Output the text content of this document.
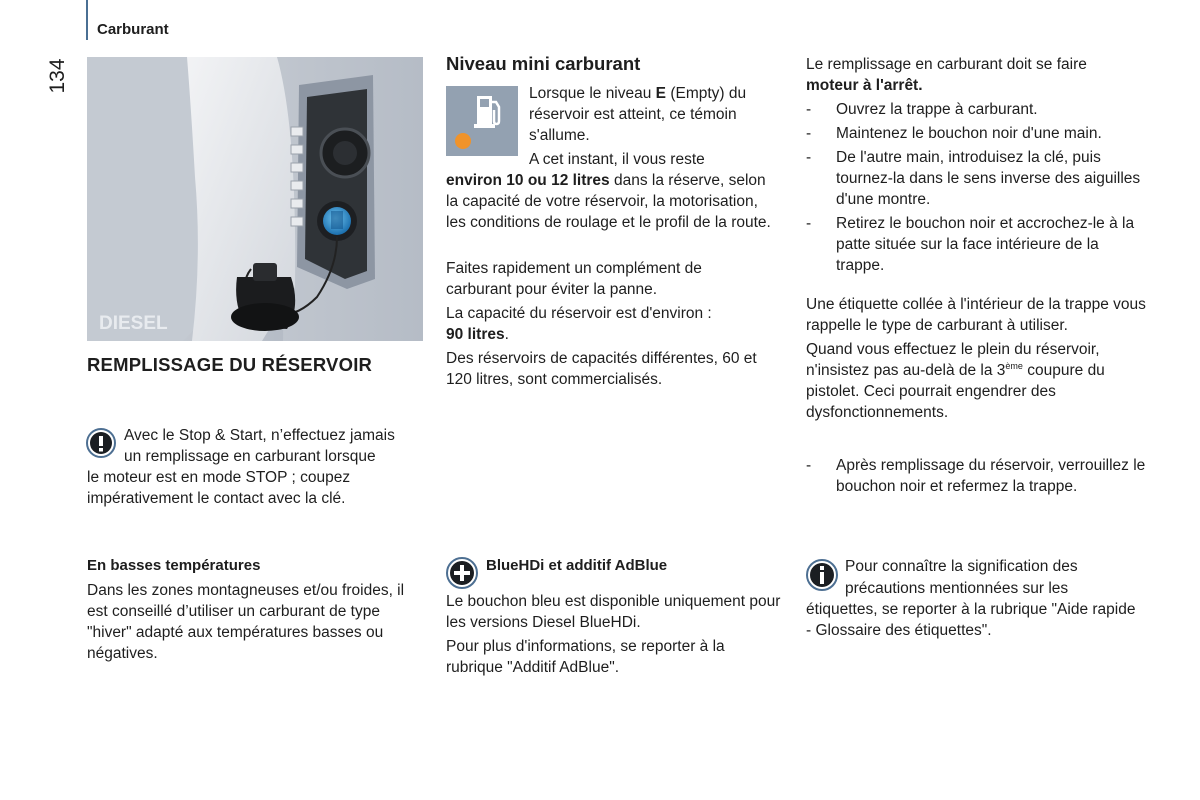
Carburant
134
DIESEL
REMPLISSAGE DU RÉSERVOIR

Avec le Stop & Start, n’effectuez jamais

un remplissage en carburant lorsque

le moteur est en mode STOP ; coupez impérativement le contact avec la clé.

En basses températures

Dans les zones montagneuses et/ou froides, il est conseillé d’utiliser un carburant de type "hiver" adapté aux températures basses ou négatives.

Niveau mini carburant

Lorsque le niveau E (Empty) du réservoir est atteint, ce témoin s'allume.

A cet instant, il vous reste

environ 10 ou 12 litres dans la réserve, selon la capacité de votre réservoir, la motorisation, les conditions de roulage et le profil de la route.

Faites rapidement un complément de carburant pour éviter la panne.

La capacité du réservoir est d'environ :
90 litres.

Des réservoirs de capacités différentes, 60 et 120 litres, sont commercialisés.

BlueHDi et additif AdBlue

Le bouchon bleu est disponible uniquement pour les versions Diesel BlueHDi.

Pour plus d'informations, se reporter à la rubrique "Additif AdBlue".

Le remplissage en carburant doit se faire
moteur à l'arrêt.

- Ouvrez la trappe à carburant.
- Maintenez le bouchon noir d'une main.
- De l'autre main, introduisez la clé, puis tournez-la dans le sens inverse des aiguilles d'une montre.
- Retirez le bouchon noir et accrochez-le à la patte située sur la face intérieure de la trappe.

Une étiquette collée à l'intérieur de la trappe vous rappelle le type de carburant à utiliser.

Quand vous effectuez le plein du réservoir, n'insistez pas au-delà de la 3ème coupure du pistolet. Ceci pourrait engendrer des dysfonctionnements.

- Après remplissage du réservoir, verrouillez le bouchon noir et refermez la trappe.

Pour connaître la signification des

précautions mentionnées sur les

étiquettes, se reporter à la rubrique "Aide rapide - Glossaire des étiquettes".
